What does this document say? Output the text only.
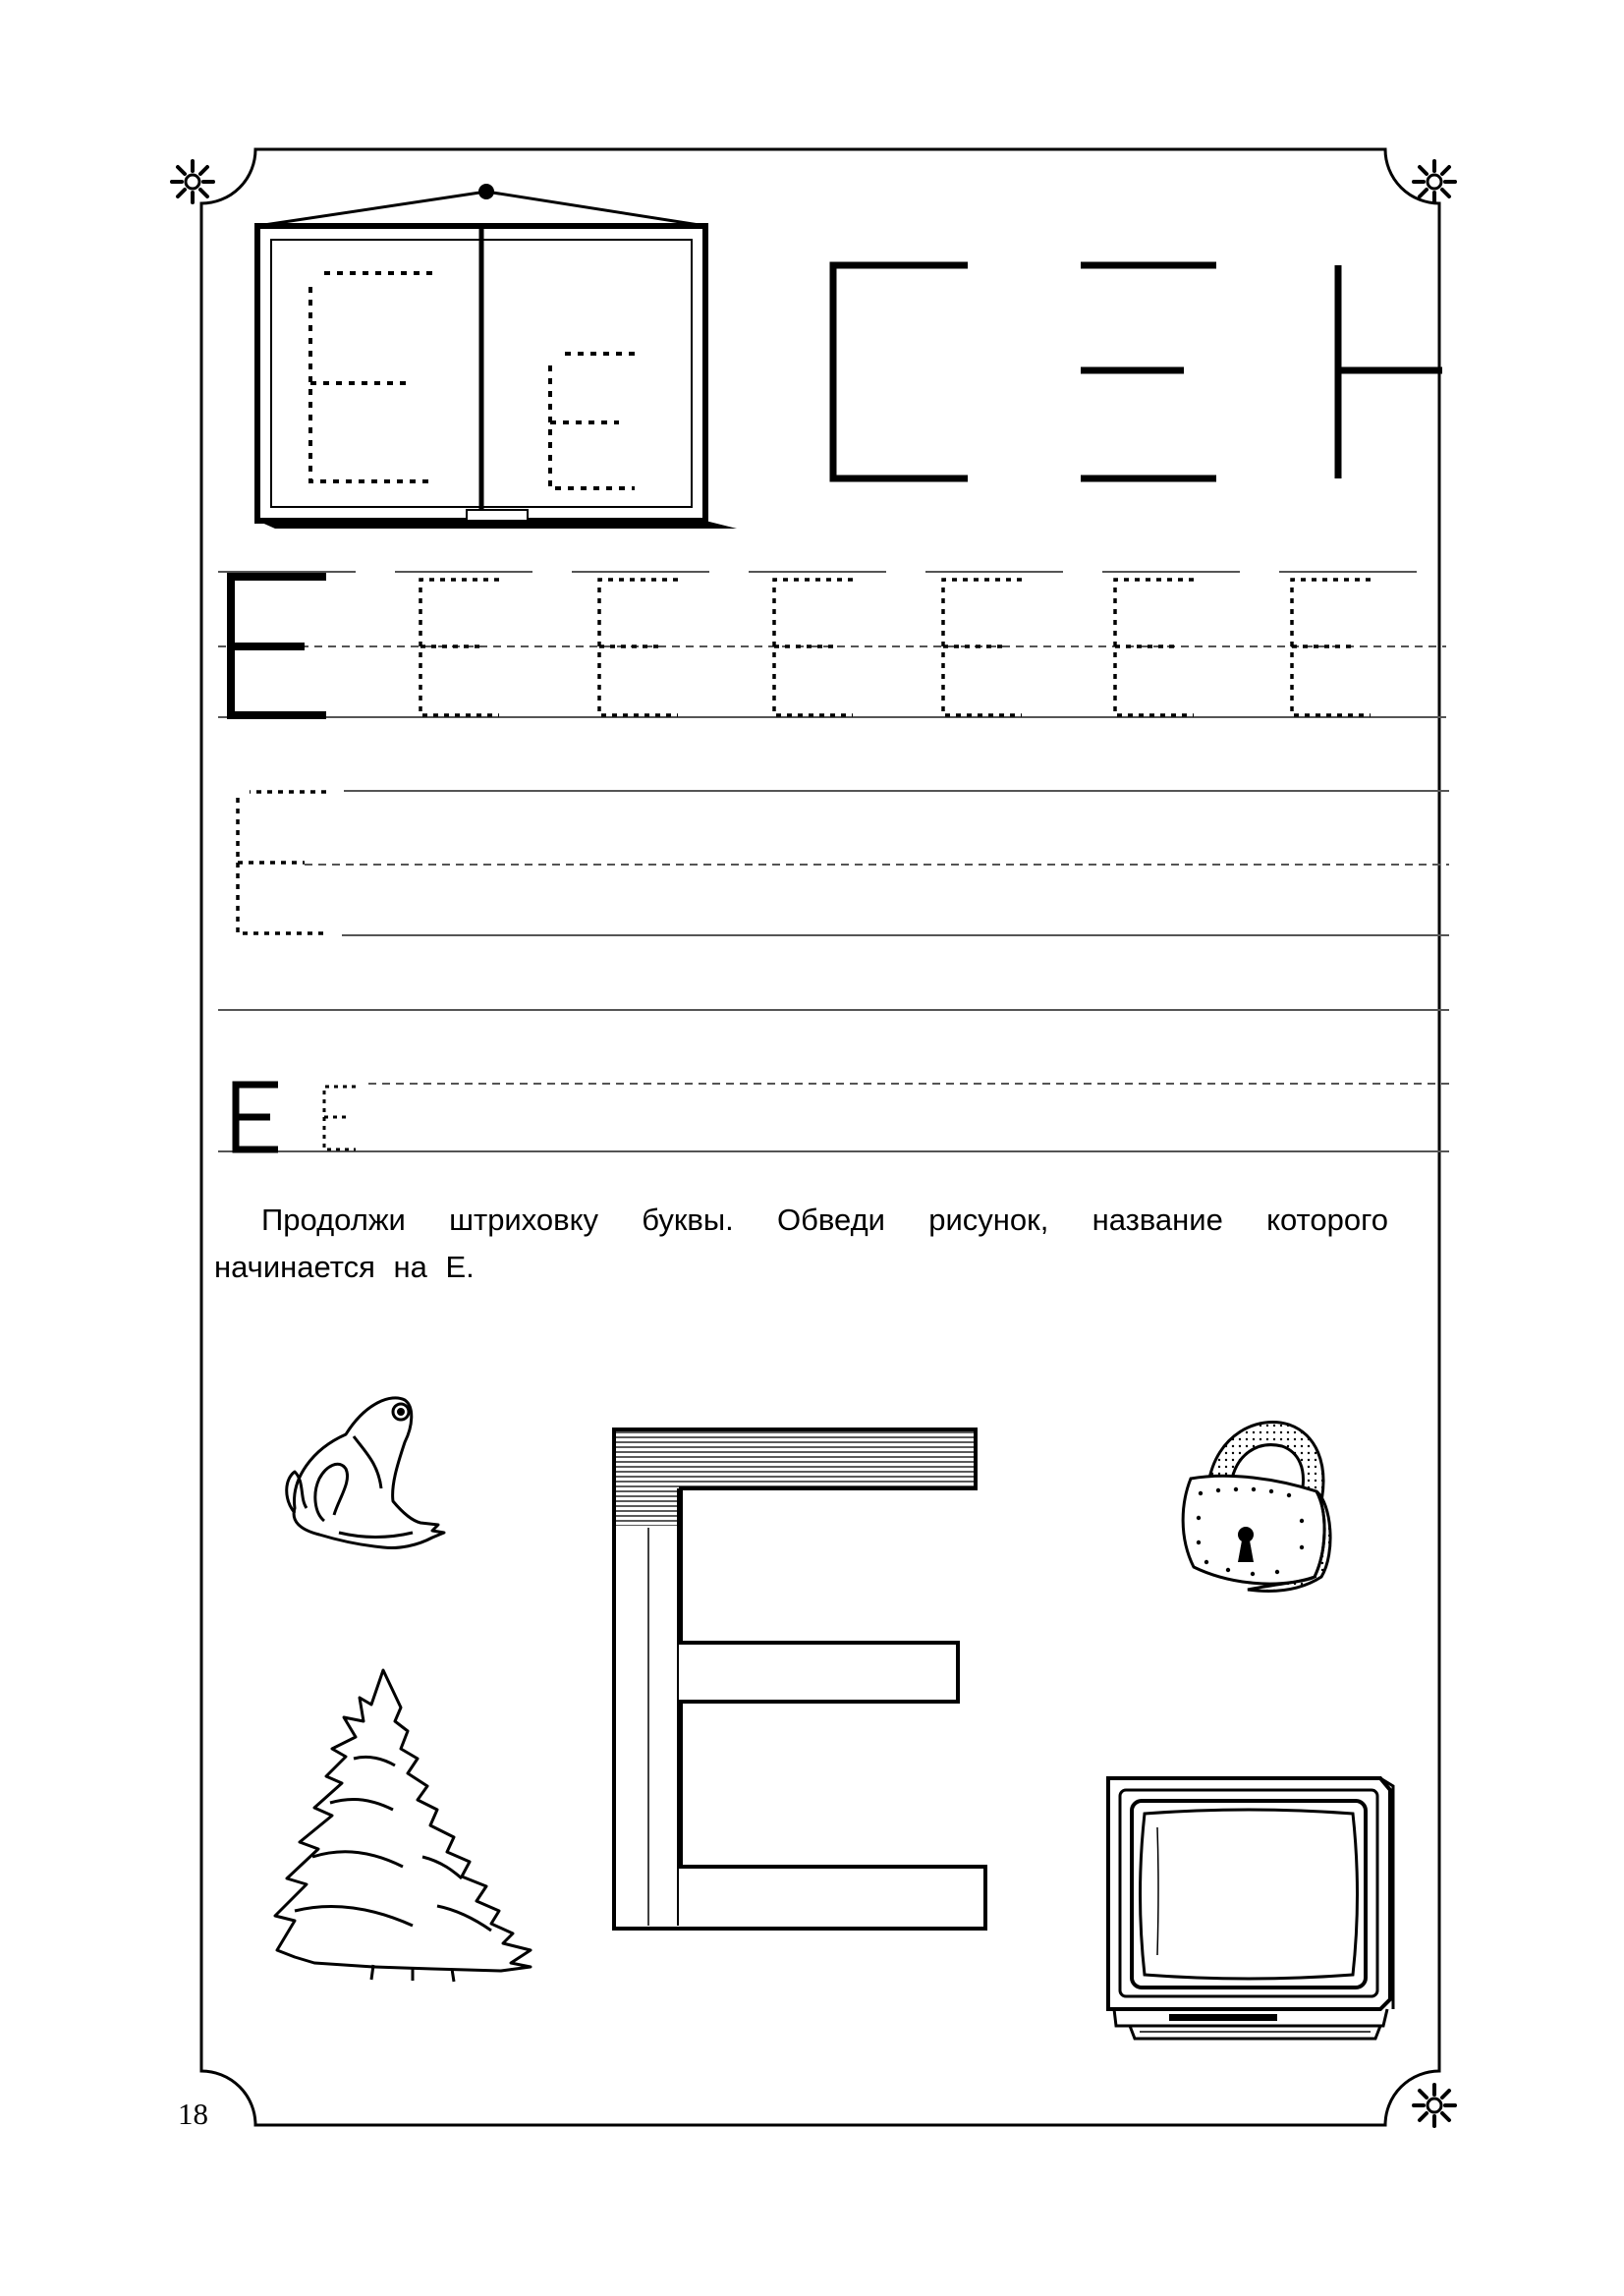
Продолжи штриховку буквы. Обведи рисунок, название которого начинается на Е.
18
